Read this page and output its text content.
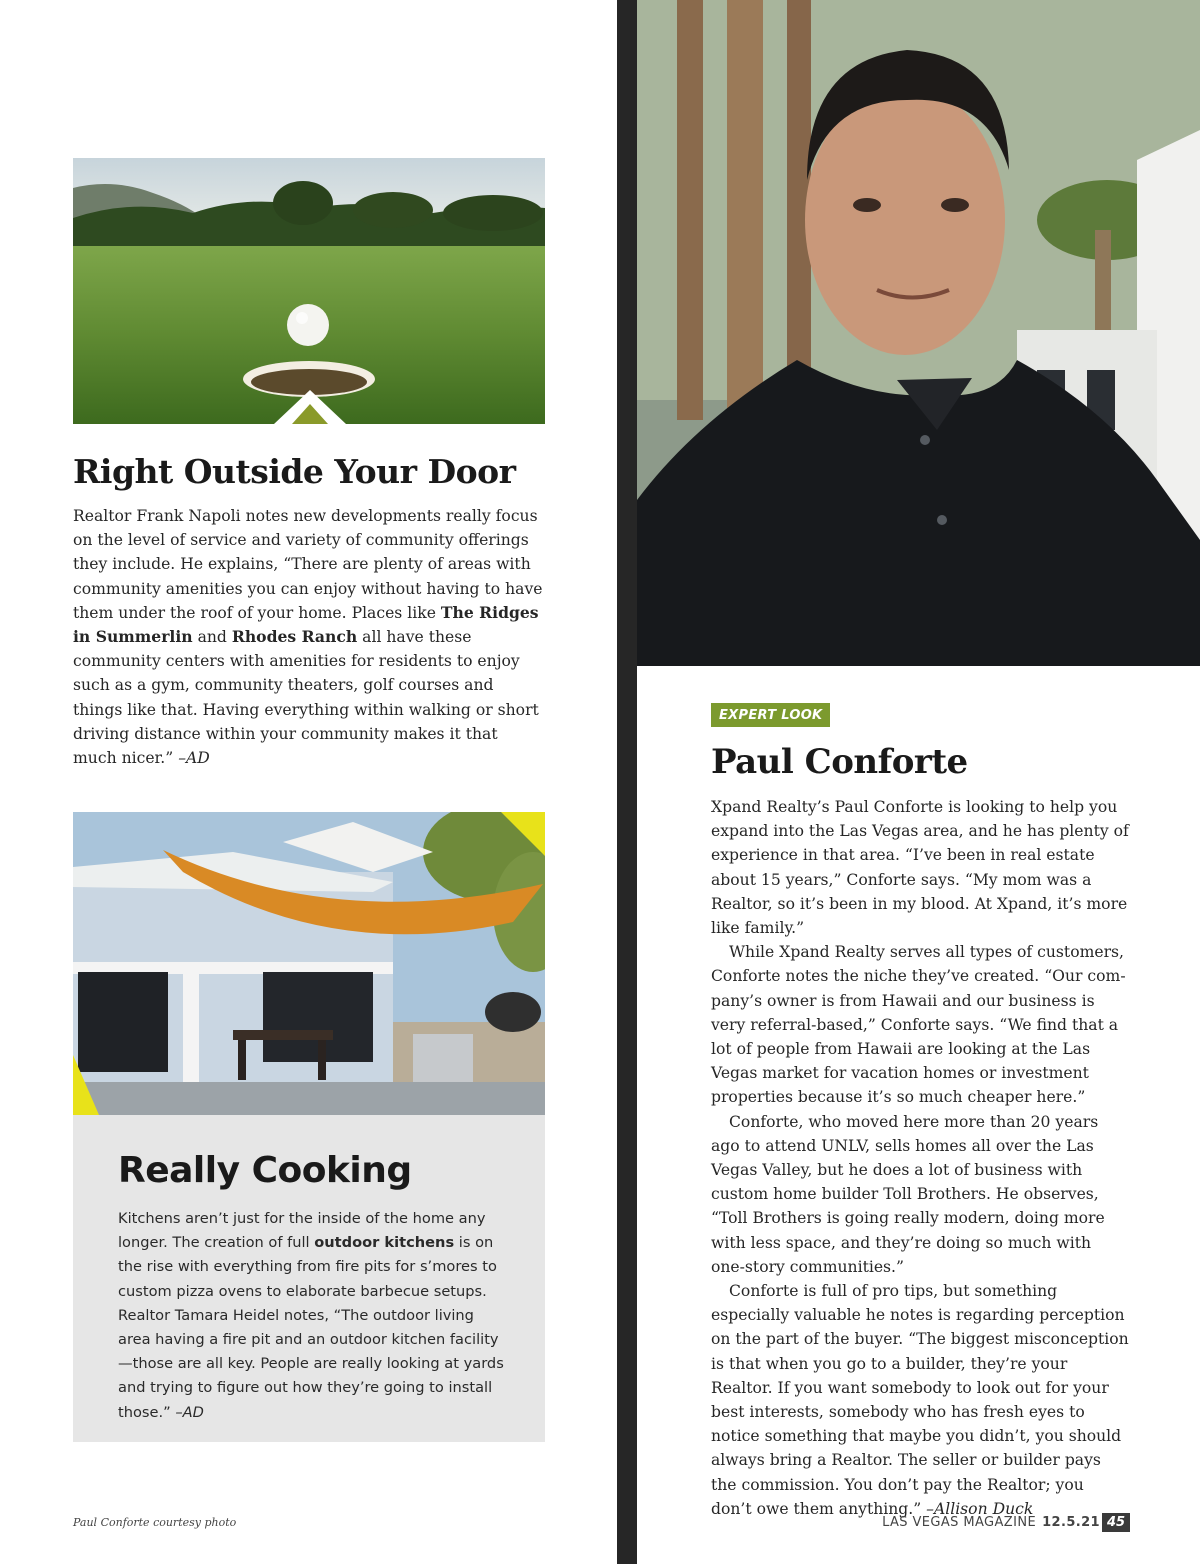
Right Outside Your Door

Realtor Frank Napoli notes new developments really focus on the level of service and variety of community offerings they include. He explains, “There are plenty of areas with community amenities you can enjoy without having to have them under the roof of your home. Places like The Ridges in Summerlin and Rhodes Ranch all have these community centers with amenities for residents to enjoy such as a gym, community theaters, golf courses and things like that. Having everything within walking or short driving distance within your community makes it that much nicer.” –AD

Really Cooking

Kitchens aren’t just for the inside of the home any longer. The creation of full outdoor kitchens is on the rise with everything from fire pits for s’mores to custom pizza ovens to elaborate barbecue setups. Realtor Tamara Heidel notes, “The outdoor living area having a fire pit and an outdoor kitchen facility—those are all key. People are really looking at yards and trying to figure out how they’re going to install those.” –AD

EXPERT LOOK
Paul Conforte

Xpand Realty’s Paul Conforte is looking to help you expand into the Las Vegas area, and he has plenty of experience in that area. “I’ve been in real estate about 15 years,” Conforte says. “My mom was a Realtor, so it’s been in my blood. At Xpand, it’s more like family.”

While Xpand Realty serves all types of customers, Conforte notes the niche they’ve created. “Our company’s owner is from Hawaii and our business is very referral-based,” Conforte says. “We find that a lot of people from Hawaii are looking at the Las Vegas market for vacation homes or investment properties because it’s so much cheaper here.”

Conforte, who moved here more than 20 years ago to attend UNLV, sells homes all over the Las Vegas Valley, but he does a lot of business with custom home builder Toll Brothers. He observes, “Toll Brothers is going really modern, doing more with less space, and they’re doing so much with one-story communities.”

Conforte is full of pro tips, but something especially valuable he notes is regarding perception on the part of the buyer. “The biggest misconception is that when you go to a builder, they’re your Realtor. If you want somebody to look out for your best interests, somebody who has fresh eyes to notice something that maybe you didn’t, you should always bring a Realtor. The seller or builder pays the commission. You don’t pay the Realtor; you don’t owe them anything.” –Allison Duck

Paul Conforte courtesy photo	LAS VEGAS MAGAZINE 12.5.21 45
